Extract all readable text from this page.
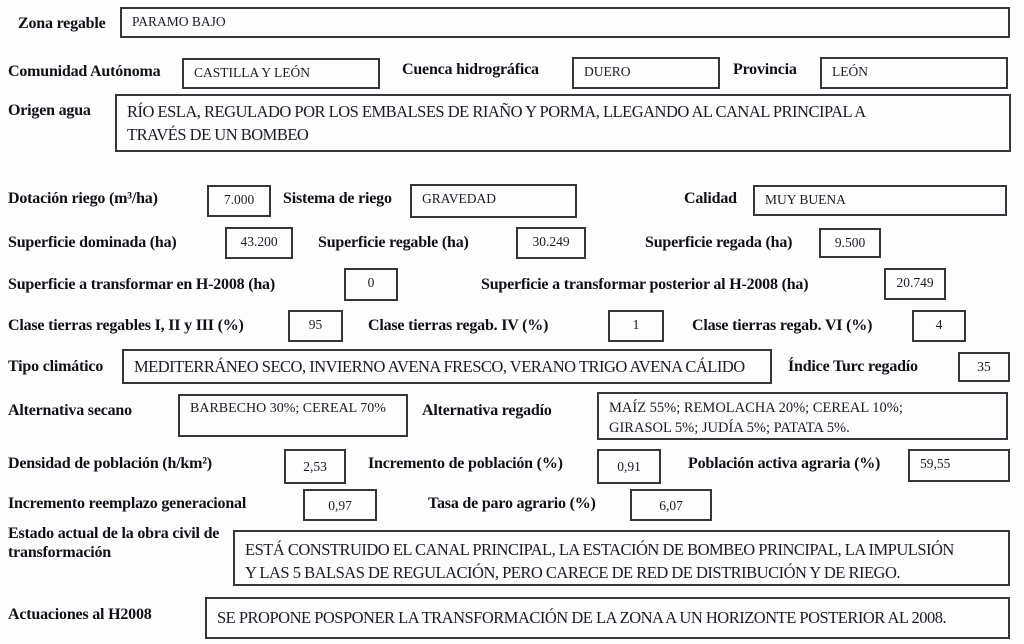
Zona regable	PARAMO BAJO
Comunidad Autónoma	CASTILLA Y LEÓN	Cuenca hidrográfica	DUERO	Provincia	LEÓN
Origen agua RÍO ESLA, REGULADO POR LOS EMBALSES DE RIAÑO Y PORMA, LLEGANDO AL CANAL PRINCIPAL A TRAVÉS DE UN BOMBEO
Dotación riego (m³/ha)	7.000	Sistema de riego	GRAVEDAD	Calidad	MUY BUENA
Superficie dominada (ha)	43.200	Superficie regable (ha)	30.249	Superficie regada (ha)	9.500
Superficie a transformar en H-2008 (ha)	0	Superficie a transformar posterior al H-2008 (ha)	20.749
Clase tierras regables I, II y III (%)	95	Clase tierras regab. IV (%)	1	Clase tierras regab. VI (%)	4
Tipo climático MEDITERRÁNEO SECO, INVIERNO AVENA FRESCO, VERANO TRIGO AVENA CÁLIDO	Índice Turc regadío	35
Alternativa secano	BARBECHO 30%; CEREAL 70%	Alternativa regadío	MAÍZ 55%; REMOLACHA 20%; CEREAL 10%; GIRASOL 5%; JUDÍA 5%; PATATA 5%.
Densidad de población (h/km²)	2,53	Incremento de población (%)	0,91	Población activa agraria (%)	59,55
Incremento reemplazo generacional	0,97	Tasa de paro agrario (%)	6,07
Estado actual de la obra civil de transformación	ESTÁ CONSTRUIDO EL CANAL PRINCIPAL, LA ESTACIÓN DE BOMBEO PRINCIPAL, LA IMPULSIÓN Y LAS 5 BALSAS DE REGULACIÓN, PERO CARECE DE RED DE DISTRIBUCIÓN Y DE RIEGO.
Actuaciones al H2008	SE PROPONE POSPONER LA TRANSFORMACIÓN DE LA ZONA A UN HORIZONTE POSTERIOR AL 2008.
